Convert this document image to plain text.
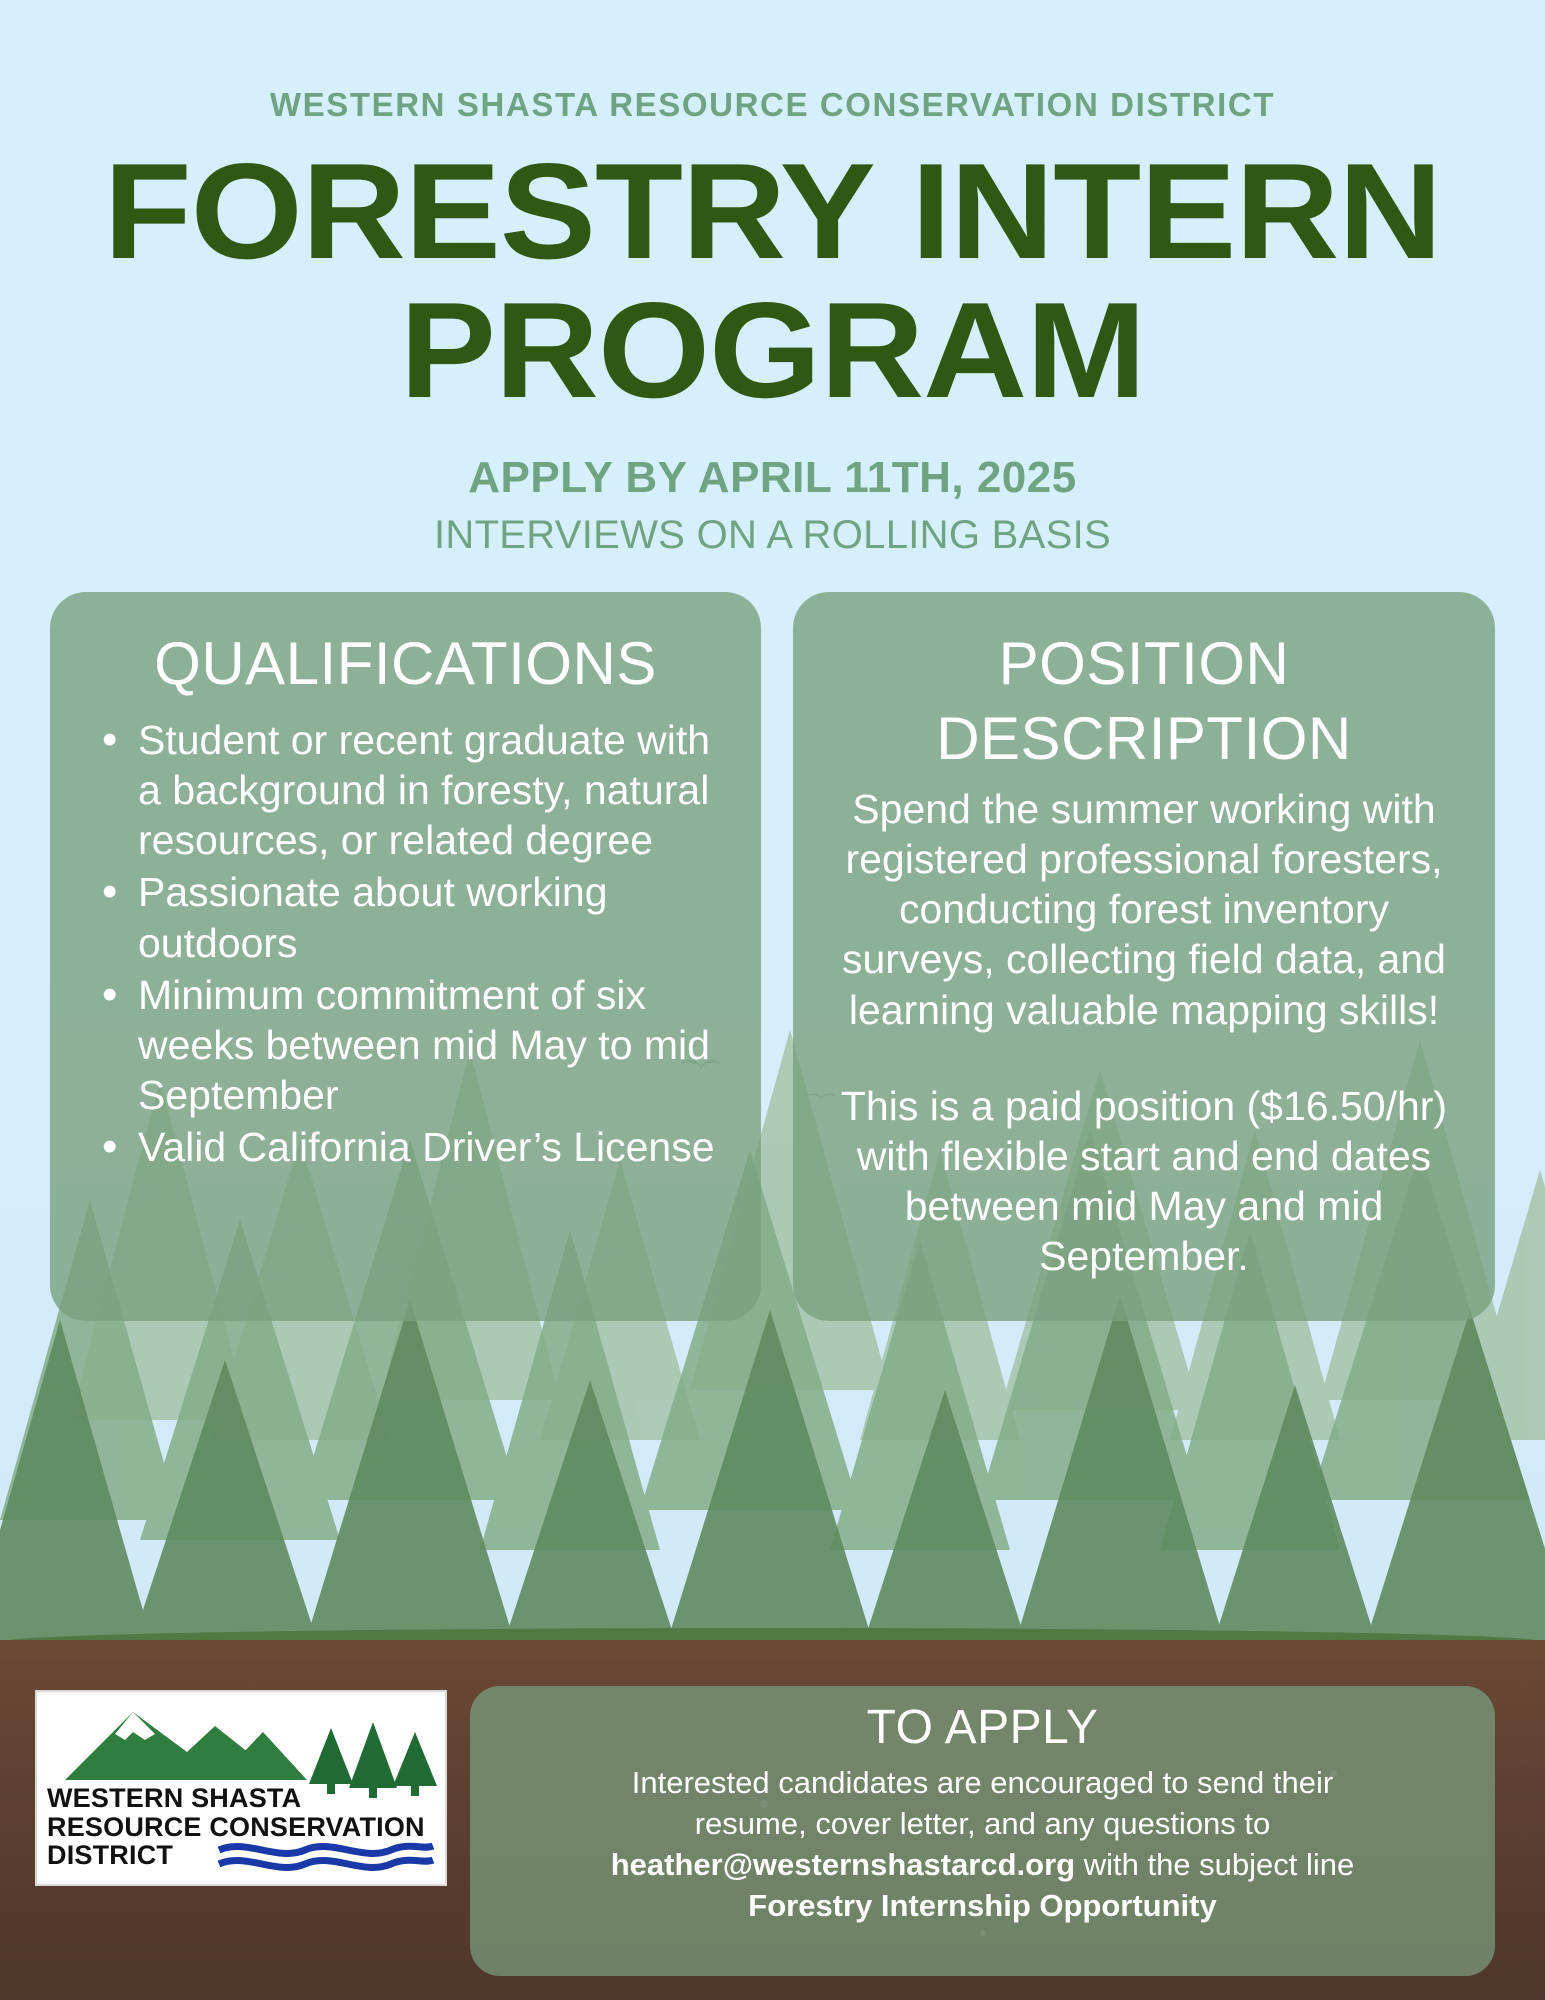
WESTERN SHASTA RESOURCE CONSERVATION DISTRICT
FORESTRY INTERN
PROGRAM
APPLY BY APRIL 11TH, 2025
INTERVIEWS ON A ROLLING BASIS
QUALIFICATIONS
• Student or recent graduate with a background in foresty, natural resources, or related degree
• Passionate about working outdoors
• Minimum commitment of six weeks between mid May to mid September
• Valid California Driver’s License
POSITION
DESCRIPTION

Spend the summer working with registered professional foresters, conducting forest inventory surveys, collecting field data, and learning valuable mapping skills!

This is a paid position ($16.50/hr) with flexible start and end dates between mid May and mid September.

TO APPLY

Interested candidates are encouraged to send their

resume, cover letter, and any questions to

heather@westernshastarcd.org with the subject line

Forestry Internship Opportunity

WESTERN SHASTA
RESOURCE CONSERVATION
DISTRICT
